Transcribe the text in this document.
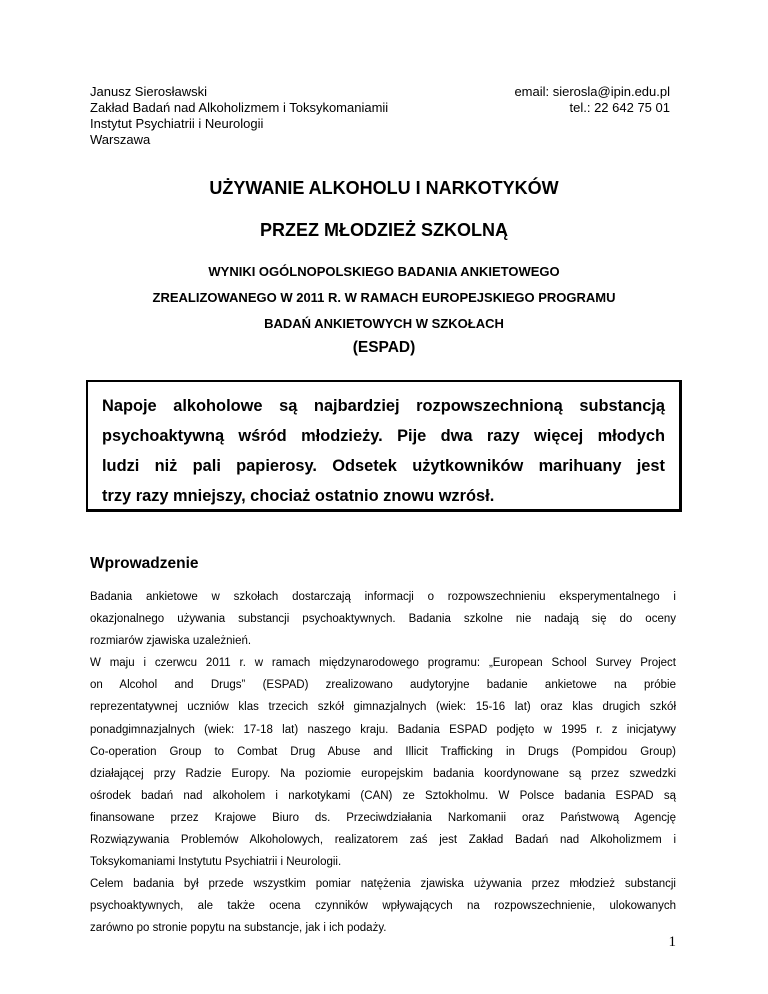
Janusz Sierosławski
Zakład Badań nad Alkoholizmem i Toksykomaniamii
Instytut Psychiatrii i Neurologii
Warszawa
email: sierosla@ipin.edu.pl
tel.: 22 642 75 01
UŻYWANIE ALKOHOLU I NARKOTYKÓW
PRZEZ MŁODZIEŻ SZKOLNĄ
WYNIKI OGÓLNOPOLSKIEGO BADANIA ANKIETOWEGO
ZREALIZOWANEGO W 2011 R. W RAMACH EUROPEJSKIEGO PROGRAMU
BADAŃ ANKIETOWYCH W SZKOŁACH
(ESPAD)
Napoje alkoholowe są najbardziej rozpowszechnioną substancją
psychoaktywną wśród młodzieży. Pije dwa razy więcej młodych
ludzi niż pali papierosy. Odsetek użytkowników marihuany jest
trzy razy mniejszy, chociaż ostatnio znowu wzrósł.
Wprowadzenie
Badania ankietowe w szkołach dostarczają informacji o rozpowszechnieniu eksperymentalnego i
okazjonalnego używania substancji psychoaktywnych. Badania szkolne nie nadają się do oceny
rozmiarów zjawiska uzależnień.
W maju i czerwcu 2011 r. w ramach międzynarodowego programu: „European School Survey Project
on Alcohol and Drugs” (ESPAD) zrealizowano audytoryjne badanie ankietowe na próbie
reprezentatywnej uczniów klas trzecich szkół gimnazjalnych (wiek: 15-16 lat) oraz klas drugich szkół
ponadgimnazjalnych (wiek: 17-18 lat) naszego kraju. Badania ESPAD podjęto w 1995 r. z inicjatywy
Co-operation Group to Combat Drug Abuse and Illicit Trafficking in Drugs (Pompidou Group)
działającej przy Radzie Europy. Na poziomie europejskim badania koordynowane są przez szwedzki
ośrodek badań nad alkoholem i narkotykami (CAN) ze Sztokholmu. W Polsce badania ESPAD są
finansowane przez Krajowe Biuro ds. Przeciwdziałania Narkomanii oraz Państwową Agencję
Rozwiązywania Problemów Alkoholowych, realizatorem zaś jest Zakład Badań nad Alkoholizmem i
Toksykomaniami Instytutu Psychiatrii i Neurologii.
Celem badania był przede wszystkim pomiar natężenia zjawiska używania przez młodzież substancji
psychoaktywnych, ale także ocena czynników wpływających na rozpowszechnienie, ulokowanych
zarówno po stronie popytu na substancje, jak i ich podaży.
1
